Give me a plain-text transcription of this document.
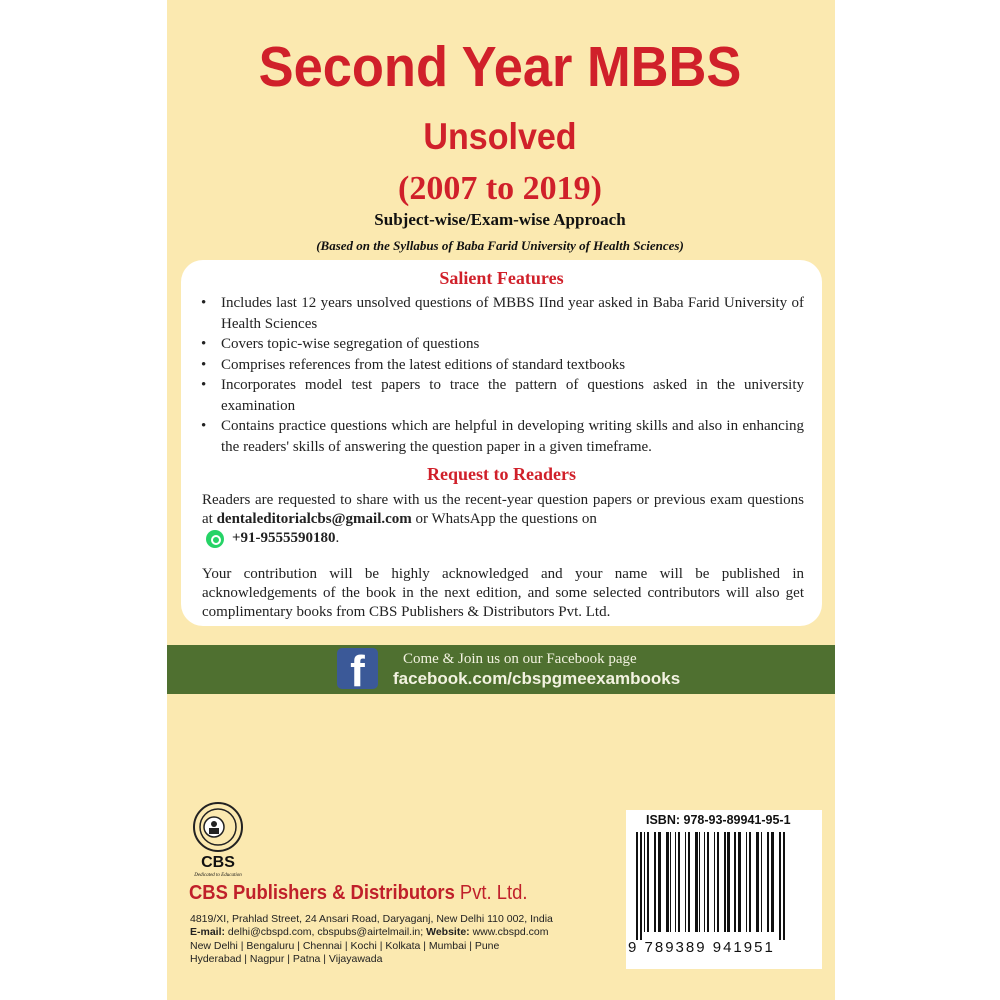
Second Year MBBS
Unsolved
(2007 to 2019)
Subject-wise/Exam-wise Approach
(Based on the Syllabus of Baba Farid University of Health Sciences)
Salient Features
• Includes last 12 years unsolved questions of MBBS IInd year asked in Baba Farid University of Health Sciences
• Covers topic-wise segregation of questions
• Comprises references from the latest editions of standard textbooks
• Incorporates model test papers to trace the pattern of questions asked in the university examination
• Contains practice questions which are helpful in developing writing skills and also in enhancing the readers' skills of answering the question paper in a given timeframe.
Request to Readers
Readers are requested to share with us the recent-year question papers or previous exam questions at dentaleditorialcbs@gmail.com or WhatsApp the questions on
+91-9555590180.
Your contribution will be highly acknowledged and your name will be published in acknowledgements of the book in the next edition, and some selected contributors will also get complimentary books from CBS Publishers & Distributors Pvt. Ltd.
f	Come & Join us on our Facebook page
facebook.com/cbspgmeexambooks
CBS
Dedicated to Education
CBS Publishers & Distributors Pvt. Ltd.
4819/XI, Prahlad Street, 24 Ansari Road, Daryaganj, New Delhi 110 002, India
E-mail: delhi@cbspd.com, cbspubs@airtelmail.in; Website: www.cbspd.com
New Delhi | Bengaluru | Chennai | Kochi | Kolkata | Mumbai | Pune
Hyderabad | Nagpur | Patna | Vijayawada
ISBN: 978-93-89941-95-1
9 789389 941951
